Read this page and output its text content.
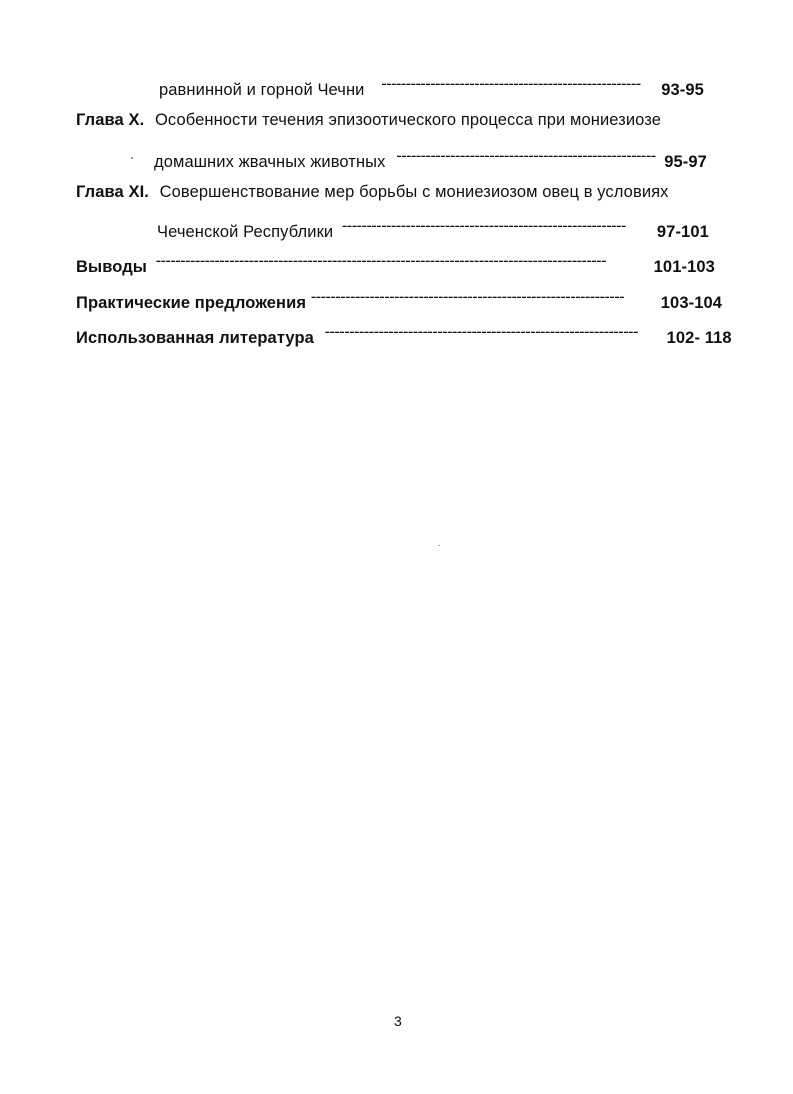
равнинной и горной Чечни ----------------------------------------------------- 93-95
Глава X. Особенности течения эпизоотического процесса при мониезиозе
домашних жвачных животных ----------------------------------------------------- 95-97
Глава XI. Совершенствование мер борьбы с мониезиозом овец в условиях
Чеченской Республики ---------------------------------------------------------- 97-101
Выводы --------------------------------------------------------------------------------------------	101-103
Практические предложения ---------------------------------------------------------------- 103-104
Использованная литература ---------------------------------------------------------------- 102- 118
3
